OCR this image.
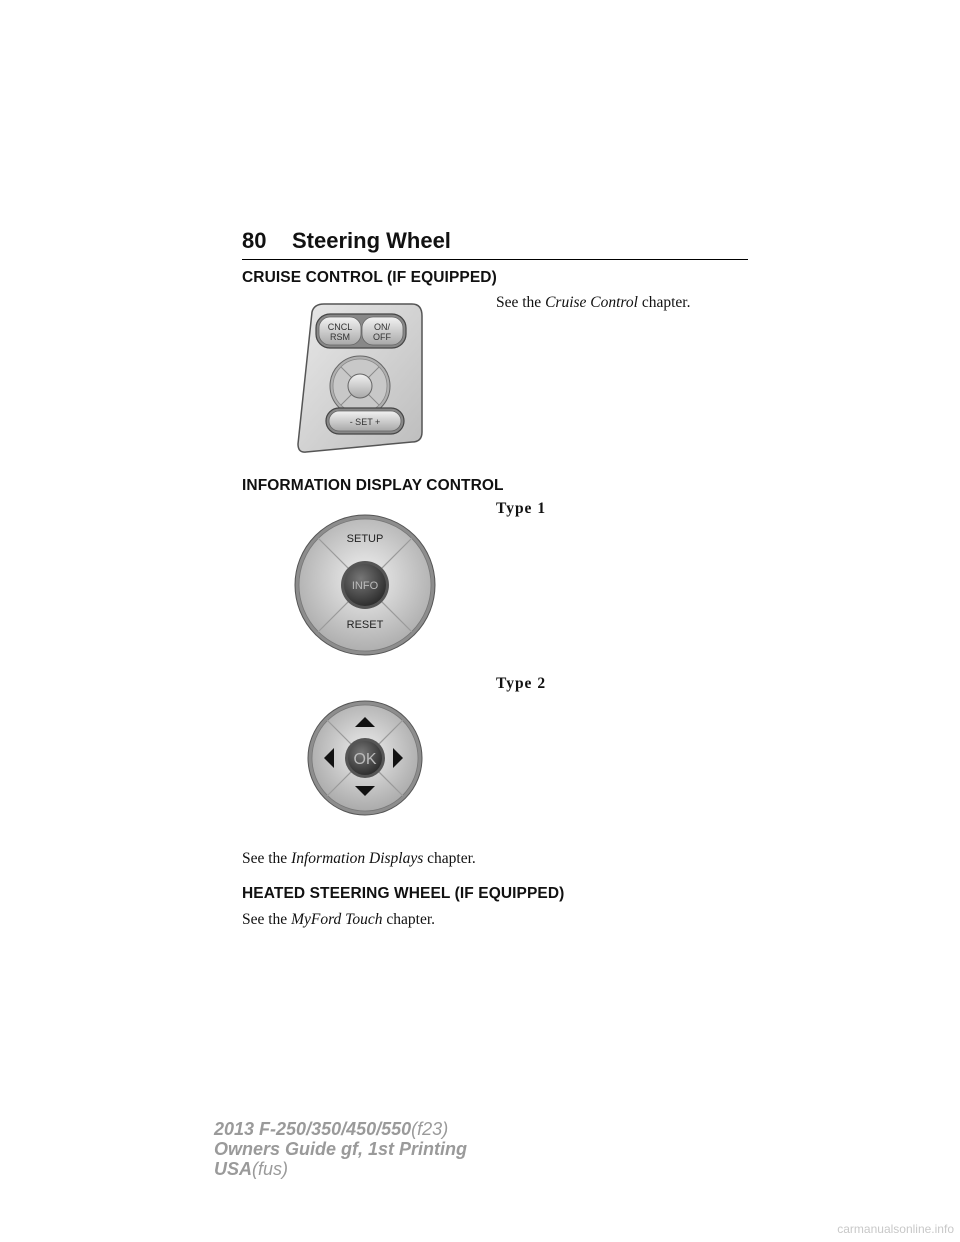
80 Steering Wheel
CRUISE CONTROL (IF EQUIPPED)
See the Cruise Control chapter.
CNCL
RSM
ON/
OFF
- SET +
INFORMATION DISPLAY CONTROL
Type 1
SETUP
INFO
RESET
Type 2
OK
See the Information Displays chapter.
HEATED STEERING WHEEL (IF EQUIPPED)
See the MyFord Touch chapter.
2013 F-250/350/450/550(f23)
Owners Guide gf, 1st Printing
USA(fus)
carmanualsonline.info
